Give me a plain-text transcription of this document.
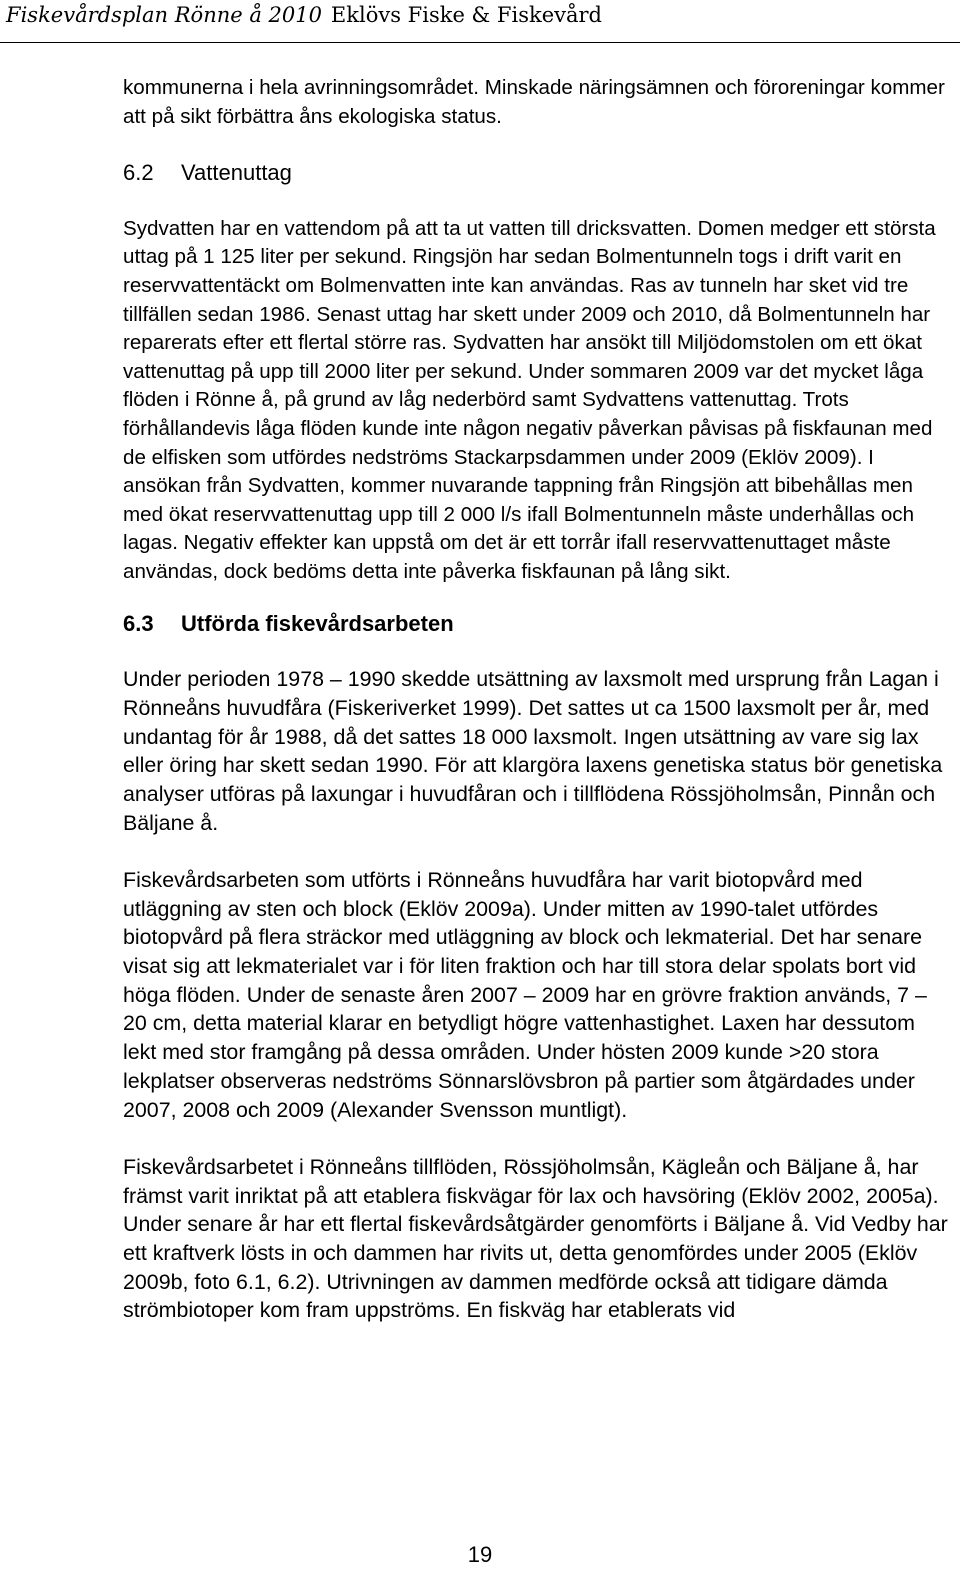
Fiskevårdsplan Rönne å 2010 Eklövs Fiske & Fiskevård

kommunerna i hela avrinningsområdet. Minskade näringsämnen och föroreningar kommer att på sikt förbättra åns ekologiska status.

6.2 Vattenuttag

Sydvatten har en vattendom på att ta ut vatten till dricksvatten. Domen medger ett största uttag på 1 125 liter per sekund. Ringsjön har sedan Bolmentunneln togs i drift varit en reservvattentäckt om Bolmenvatten inte kan användas. Ras av tunneln har sket vid tre tillfällen sedan 1986. Senast uttag har skett under 2009 och 2010, då Bolmentunneln har reparerats efter ett flertal större ras. Sydvatten har ansökt till Miljödomstolen om ett ökat vattenuttag på upp till 2000 liter per sekund. Under sommaren 2009 var det mycket låga flöden i Rönne å, på grund av låg nederbörd samt Sydvattens vattenuttag. Trots förhållandevis låga flöden kunde inte någon negativ påverkan påvisas på fiskfaunan med de elfisken som utfördes nedströms Stackarpsdammen under 2009 (Eklöv 2009). I ansökan från Sydvatten, kommer nuvarande tappning från Ringsjön att bibehållas men med ökat reservvattenuttag upp till 2 000 l/s ifall Bolmentunneln måste underhållas och lagas. Negativ effekter kan uppstå om det är ett torrår ifall reservvattenuttaget måste användas, dock bedöms detta inte påverka fiskfaunan på lång sikt.

6.3 Utförda fiskevårdsarbeten

Under perioden 1978 – 1990 skedde utsättning av laxsmolt med ursprung från Lagan i Rönneåns huvudfåra (Fiskeriverket 1999). Det sattes ut ca 1500 laxsmolt per år, med undantag för år 1988, då det sattes 18 000 laxsmolt. Ingen utsättning av vare sig lax eller öring har skett sedan 1990. För att klargöra laxens genetiska status bör genetiska analyser utföras på laxungar i huvudfåran och i tillflödena Rössjöholmsån, Pinnån och Bäljane å.

Fiskevårdsarbeten som utförts i Rönneåns huvudfåra har varit biotopvård med utläggning av sten och block (Eklöv 2009a). Under mitten av 1990-talet utfördes biotopvård på flera sträckor med utläggning av block och lekmaterial. Det har senare visat sig att lekmaterialet var i för liten fraktion och har till stora delar spolats bort vid höga flöden. Under de senaste åren 2007 – 2009 har en grövre fraktion används, 7 – 20 cm, detta material klarar en betydligt högre vattenhastighet. Laxen har dessutom lekt med stor framgång på dessa områden. Under hösten 2009 kunde >20 stora lekplatser observeras nedströms Sönnarslövsbron på partier som åtgärdades under 2007, 2008 och 2009 (Alexander Svensson muntligt).

Fiskevårdsarbetet i Rönneåns tillflöden, Rössjöholmsån, Kägleån och Bäljane å, har främst varit inriktat på att etablera fiskvägar för lax och havsöring (Eklöv 2002, 2005a). Under senare år har ett flertal fiskevårdsåtgärder genomförts i Bäljane å. Vid Vedby har ett kraftverk lösts in och dammen har rivits ut, detta genomfördes under 2005 (Eklöv 2009b, foto 6.1, 6.2). Utrivningen av dammen medförde också att tidigare dämda strömbiotoper kom fram uppströms. En fiskväg har etablerats vid

19
